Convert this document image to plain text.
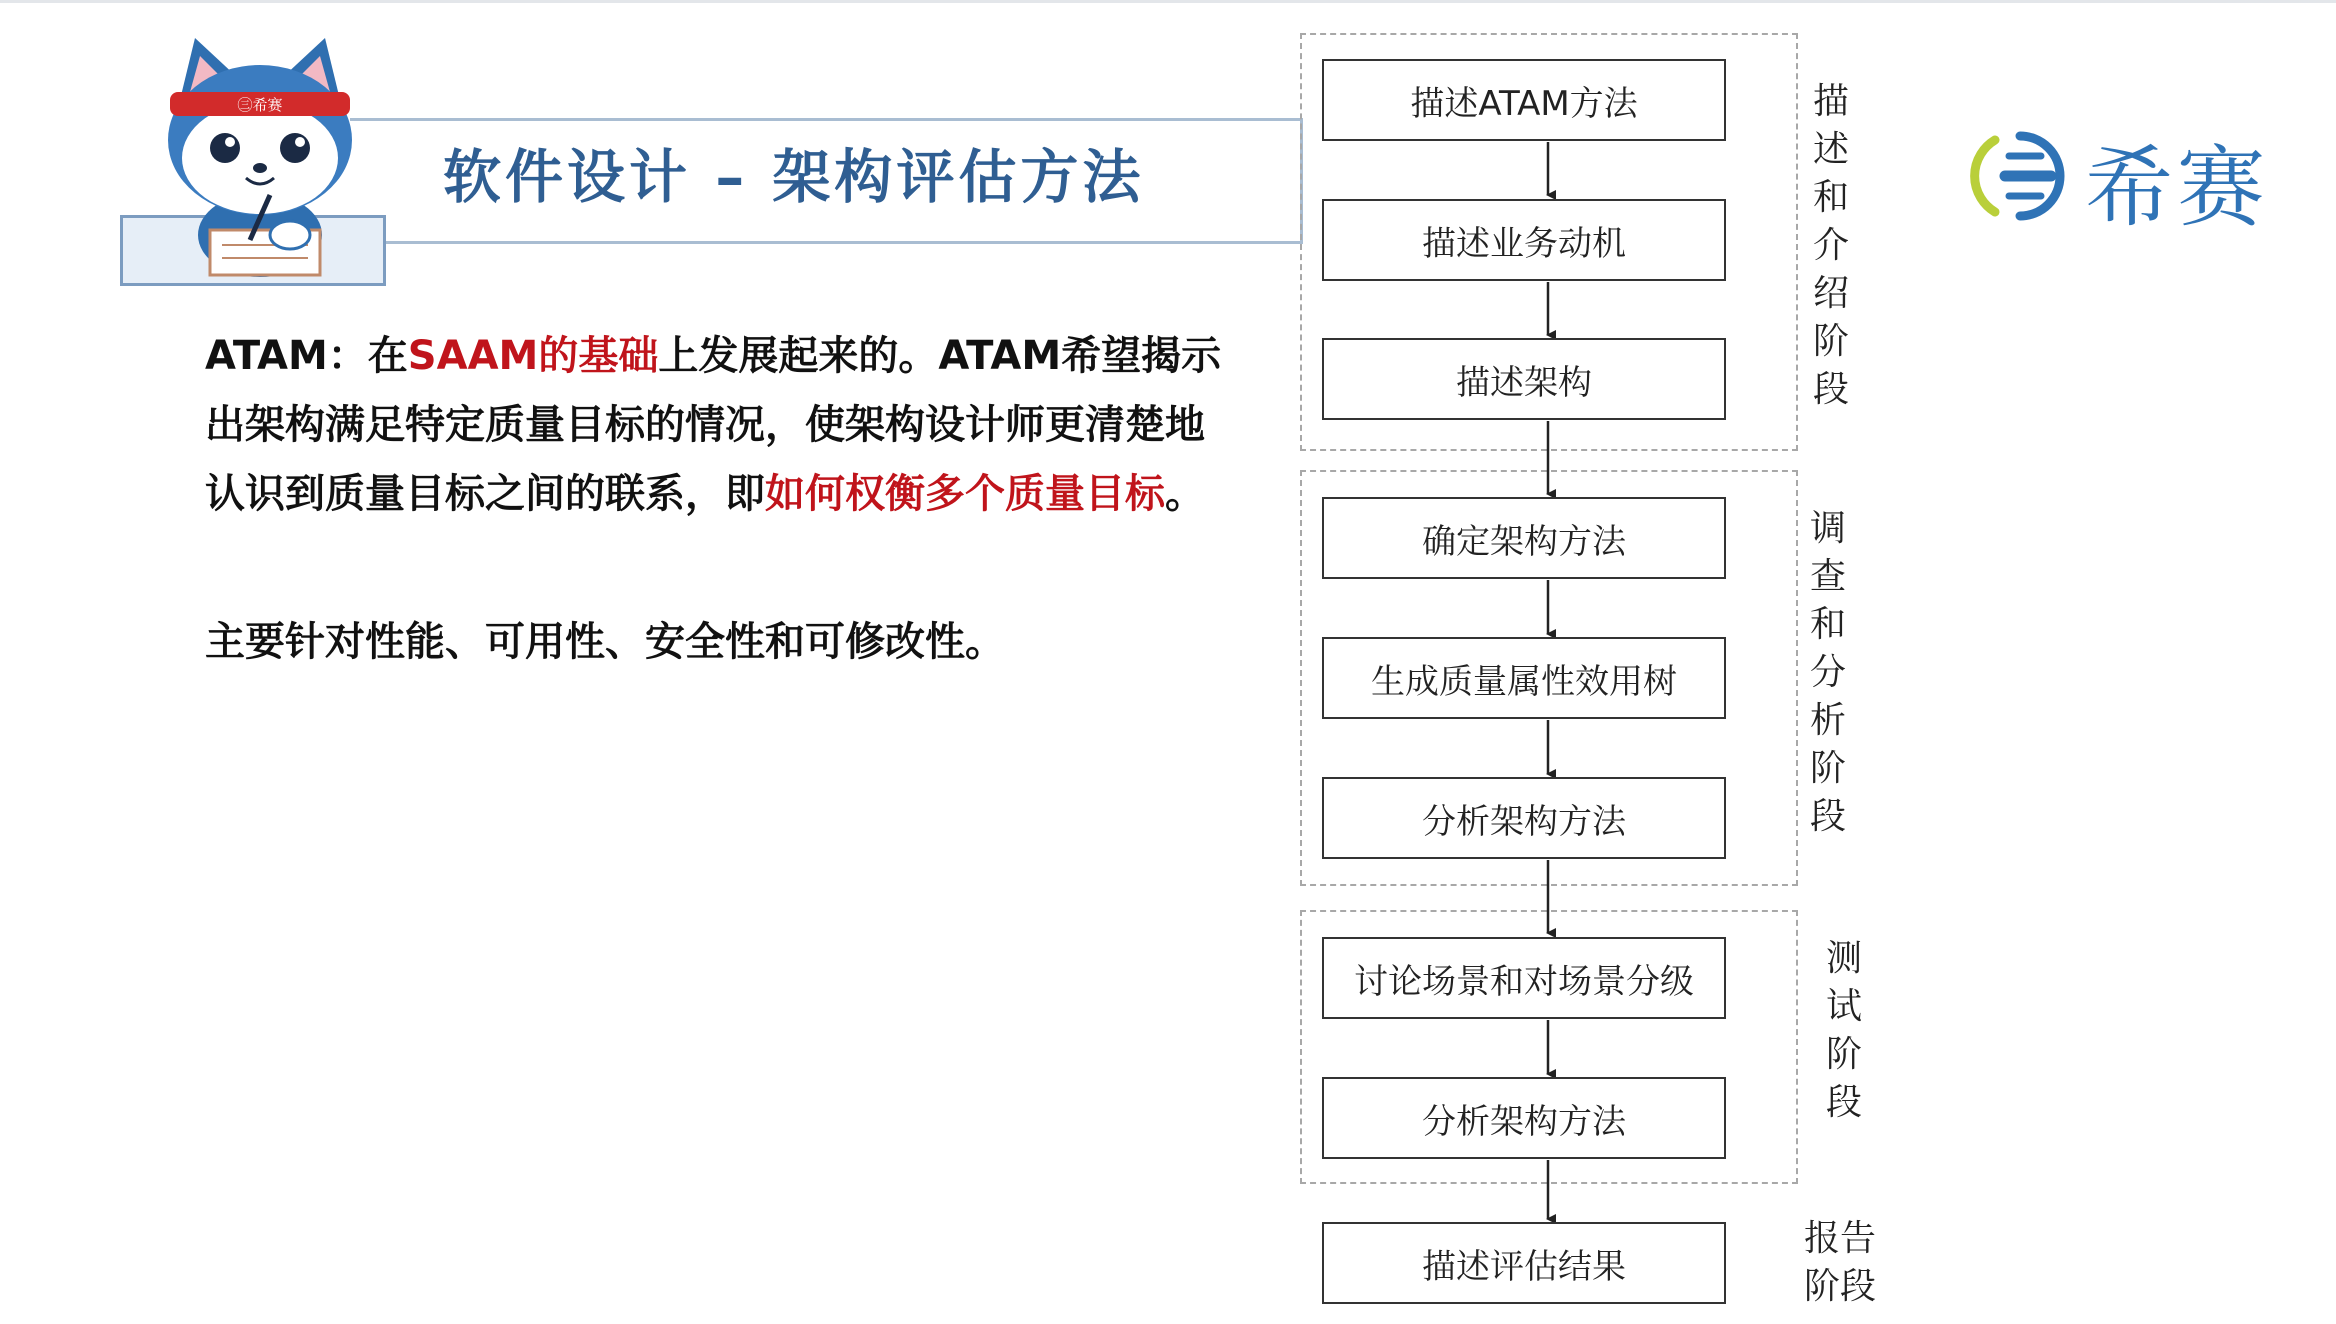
软件设计 – 架构评估方法
㊂希赛
ATAM：在SAAM的基础上发展起来的。ATAM希望揭示出架构满足特定质量目标的情况，使架构设计师更清楚地认识到质量目标之间的联系，即如何权衡多个质量目标。
主要针对性能、可用性、安全性和可修改性。
描述ATAM方法
描述业务动机
描述架构
确定架构方法
生成质量属性效用树
分析架构方法
讨论场景和对场景分级
分析架构方法
描述评估结果
描述和介绍阶段
调查和分析阶段
测试阶段
报告阶段
希赛
